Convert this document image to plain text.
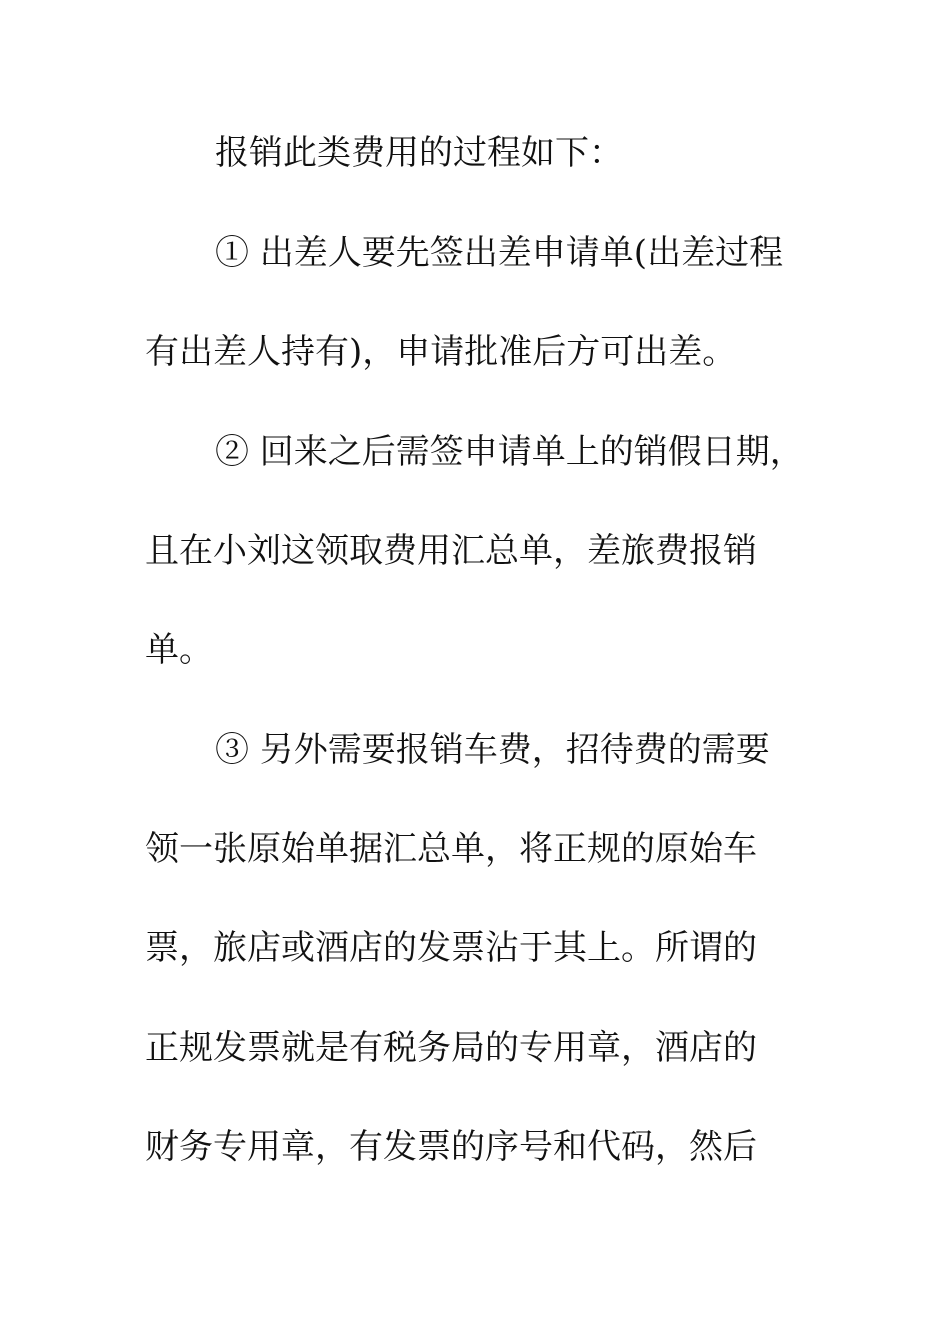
报销此类费用的过程如下：

① 出差人要先签出差申请单(出差过程

有出差人持有)，申请批准后方可出差。

② 回来之后需签申请单上的销假日期，

且在小刘这领取费用汇总单，差旅费报销

单。

③ 另外需要报销车费，招待费的需要

领一张原始单据汇总单，将正规的原始车

票，旅店或酒店的发票沾于其上。所谓的

正规发票就是有税务局的专用章，酒店的

财务专用章，有发票的序号和代码，然后
